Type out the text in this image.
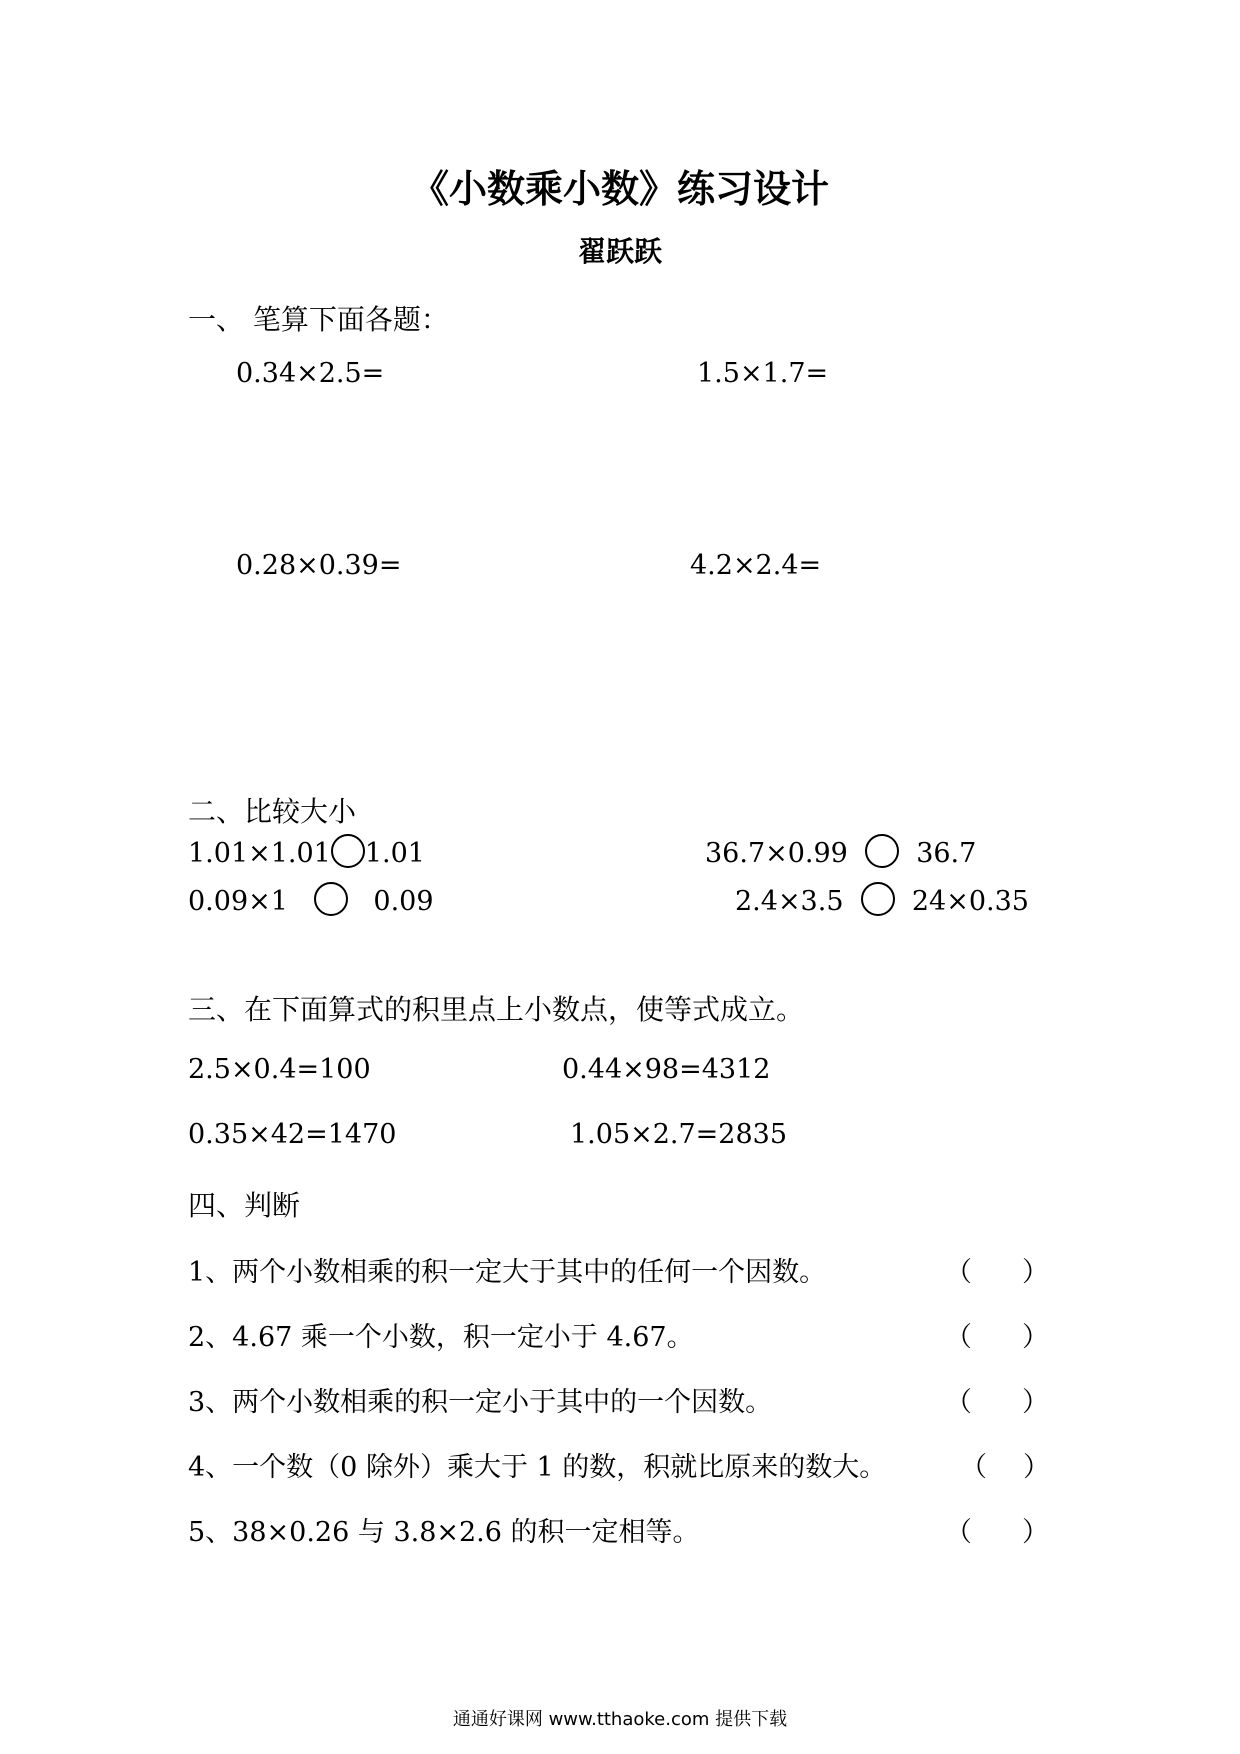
《小数乘小数》练习设计
翟跃跃
一、 笔算下面各题：
0.34×2.5=	1.5×1.7=
0.28×0.39=	4.2×2.4=
二、比较大小
1.01×1.01 1.01	36.7×0.99	36.7
0.09×1	0.09	2.4×3.5	24×0.35
三、在下面算式的积里点上小数点，使等式成立。
2.5×0.4=100	0.44×98=4312
0.35×42=1470	1.05×2.7=2835
四、判断
1、两个小数相乘的积一定大于其中的任何一个因数。	（ ）
2、4.67 乘一个小数，积一定小于 4.67。	（ ）
3、两个小数相乘的积一定小于其中的一个因数。	（ ）
4、一个数（0 除外）乘大于 1 的数，积就比原来的数大。	（ ）
5、38×0.26 与 3.8×2.6 的积一定相等。	（ ）
通通好课网 www.tthaoke.com 提供下载
